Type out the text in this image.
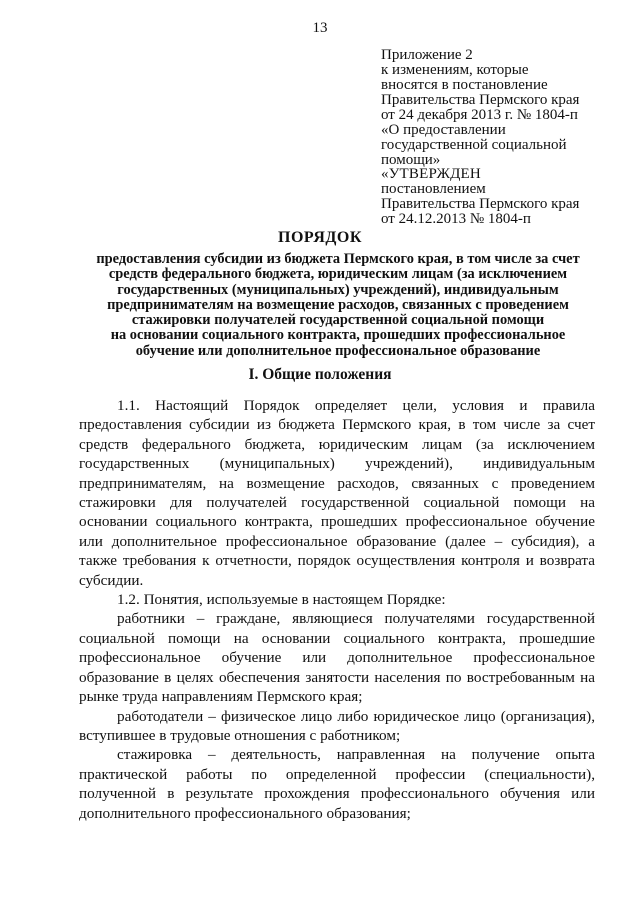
13
Приложение 2
к изменениям, которые
вносятся в постановление
Правительства Пермского края
от 24 декабря 2013 г. № 1804-п
«О предоставлении
государственной социальной
помощи»
«УТВЕРЖДЕН
постановлением
Правительства Пермского края
от 24.12.2013 № 1804-п
ПОРЯДОК
предоставления субсидии из бюджета Пермского края, в том числе за счет
средств федерального бюджета, юридическим лицам (за исключением
государственных (муниципальных) учреждений), индивидуальным
предпринимателям на возмещение расходов, связанных с проведением
стажировки получателей государственной социальной помощи
на основании социального контракта, прошедших профессиональное
обучение или дополнительное профессиональное образование
I. Общие положения

1.1. Настоящий Порядок определяет цели, условия и правила предоставления субсидии из бюджета Пермского края, в том числе за счет средств федерального бюджета, юридическим лицам (за исключением государственных (муниципальных) учреждений), индивидуальным предпринимателям, на возмещение расходов, связанных с проведением стажировки для получателей государственной социальной помощи на основании социального контракта, прошедших профессиональное обучение или дополнительное профессиональное образование (далее – субсидия), а также требования к отчетности, порядок осуществления контроля и возврата субсидии.

1.2. Понятия, используемые в настоящем Порядке:

работники – граждане, являющиеся получателями государственной социальной помощи на основании социального контракта, прошедшие профессиональное обучение или дополнительное профессиональное образование в целях обеспечения занятости населения по востребованным на рынке труда направлениям Пермского края;

работодатели – физическое лицо либо юридическое лицо (организация), вступившее в трудовые отношения с работником;

стажировка – деятельность, направленная на получение опыта практической работы по определенной профессии (специальности), полученной в результате прохождения профессионального обучения или дополнительного профессионального образования;
